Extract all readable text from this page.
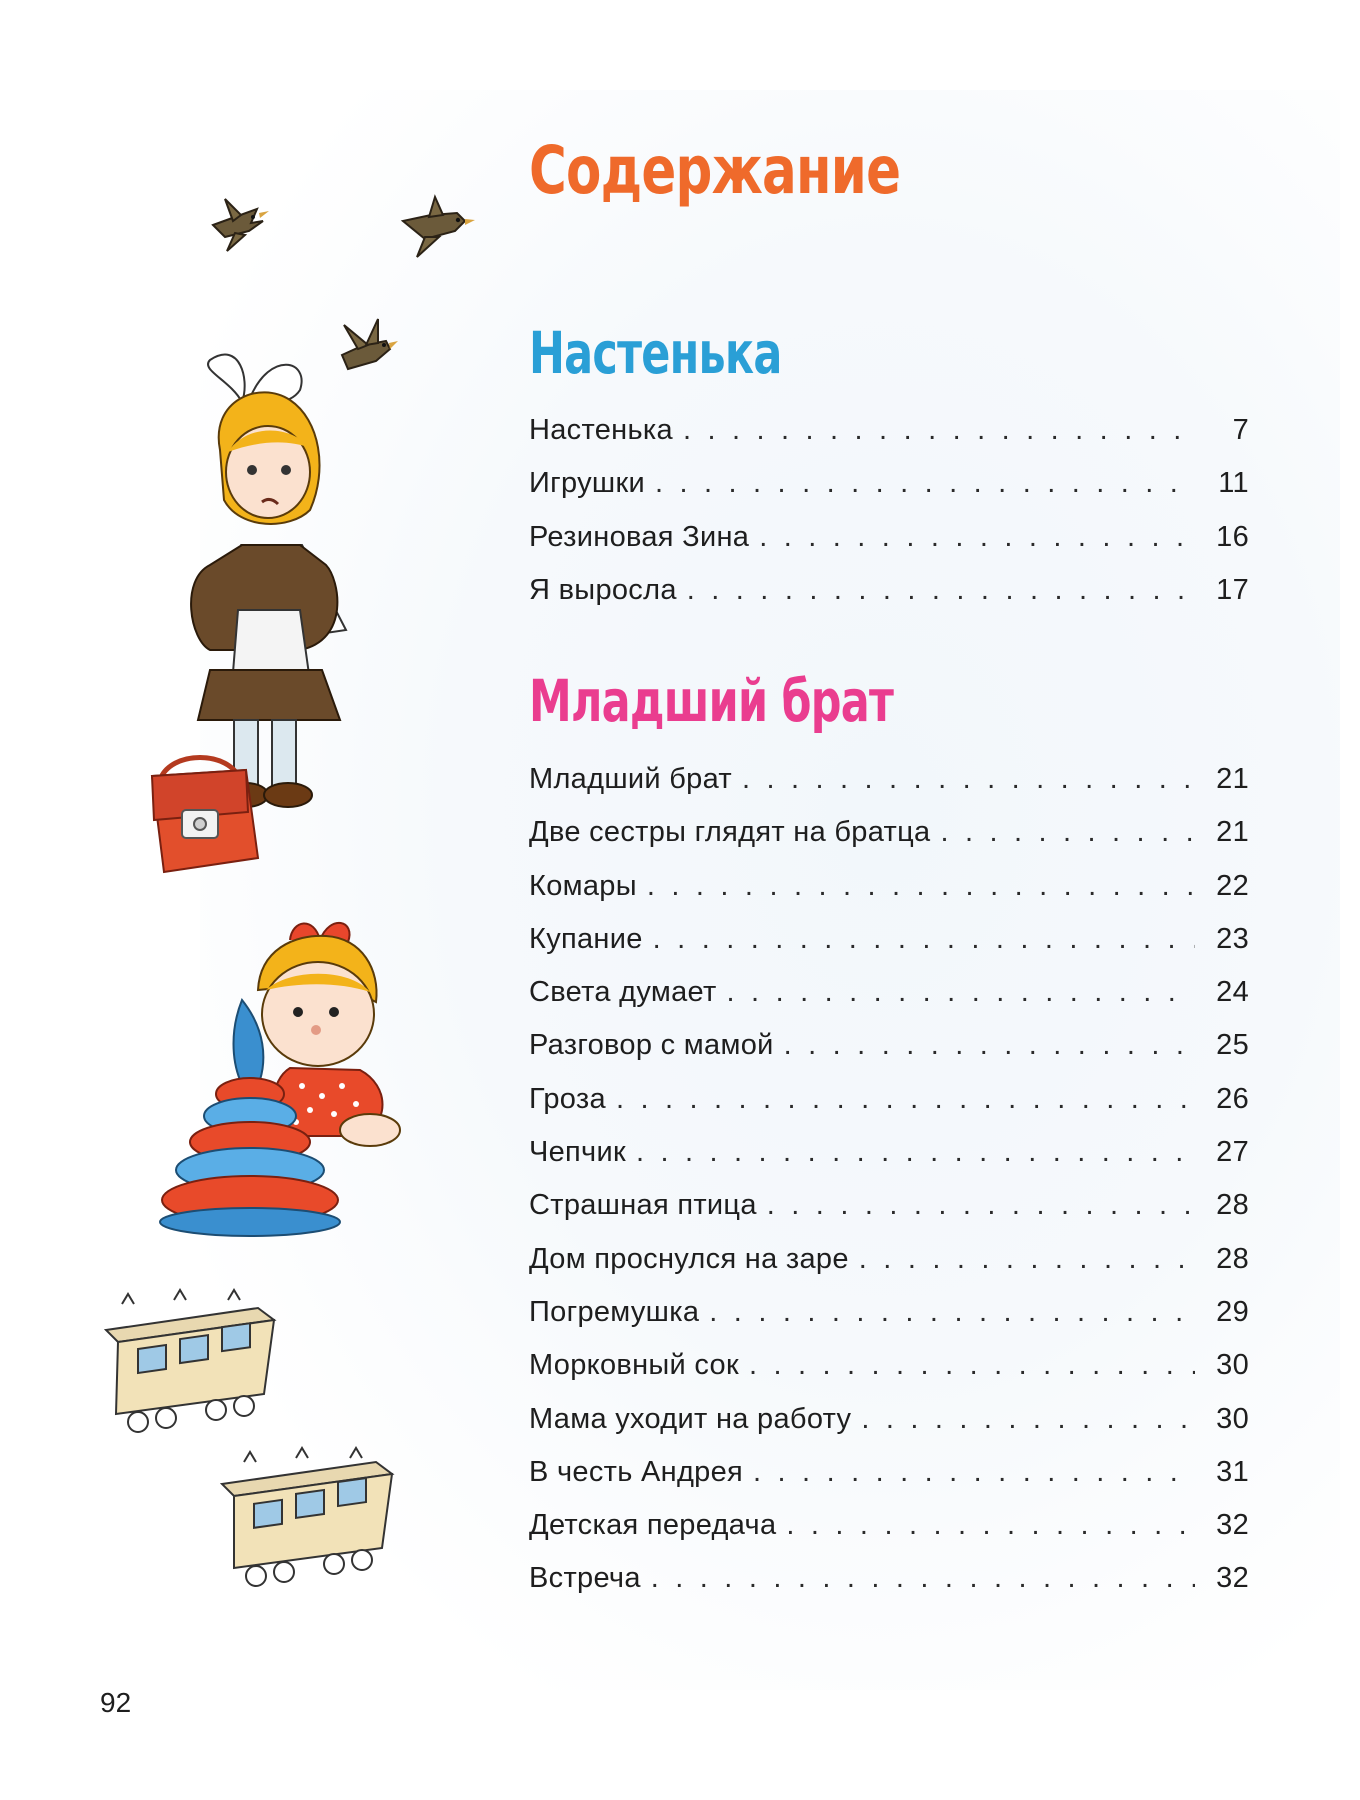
Содержание
Настенька
Настенька . . .	7
Игрушки . . .	11
Резиновая Зина . . .	16
Я выросла . . .	17
Младший брат
Младший брат . . .	21
Две сестры глядят на братца . . .	21
Комары . . .	22
Купание . . .	23
Света думает . . .	24
Разговор с мамой . . .	25
Гроза . . .	26
Чепчик . . .	27
Страшная птица . . .	28
Дом проснулся на заре . . .	28
Погремушка . . .	29
Морковный сок . . .	30
Мама уходит на работу . . .	30
В честь Андрея . . .	31
Детская передача . . .	32
Встреча . . .	32
92
